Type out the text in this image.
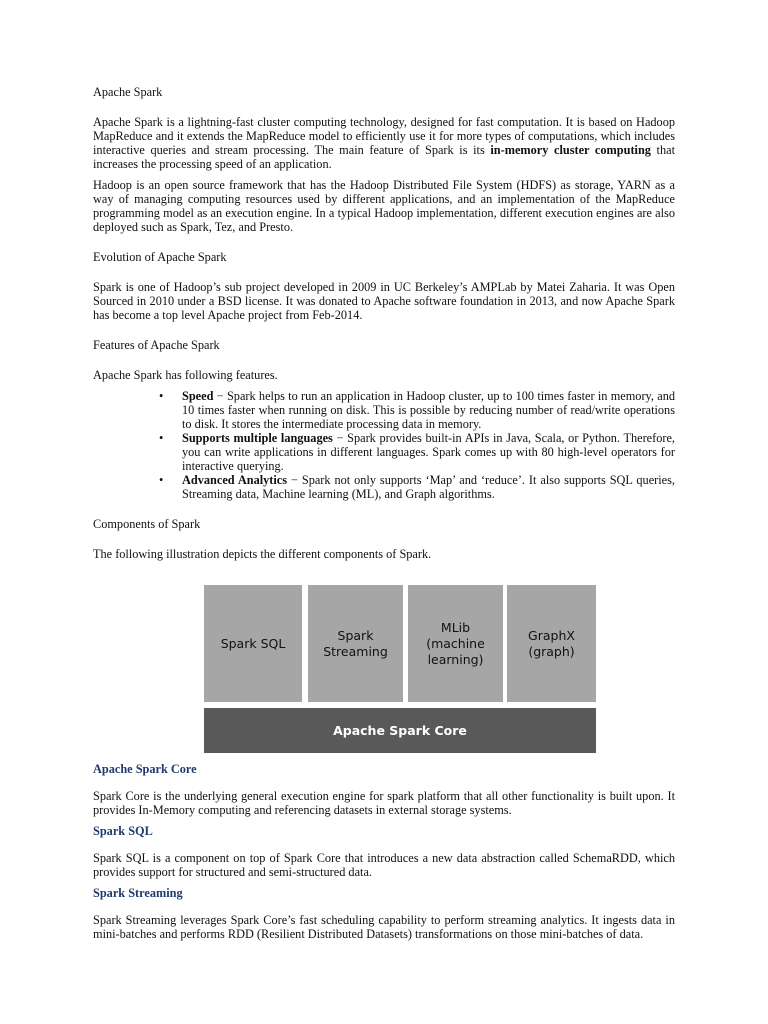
Apache Spark

Apache Spark is a lightning-fast cluster computing technology, designed for fast computation. It is based on Hadoop MapReduce and it extends the MapReduce model to efficiently use it for more types of computations, which includes interactive queries and stream processing. The main feature of Spark is its in-memory cluster computing that increases the processing speed of an application.

Hadoop is an open source framework that has the Hadoop Distributed File System (HDFS) as storage, YARN as a way of managing computing resources used by different applications, and an implementation of the MapReduce programming model as an execution engine. In a typical Hadoop implementation, different execution engines are also deployed such as Spark, Tez, and Presto.

Evolution of Apache Spark

Spark is one of Hadoop’s sub project developed in 2009 in UC Berkeley’s AMPLab by Matei Zaharia. It was Open Sourced in 2010 under a BSD license. It was donated to Apache software foundation in 2013, and now Apache Spark has become a top level Apache project from Feb-2014.

Features of Apache Spark

Apache Spark has following features.

• Speed − Spark helps to run an application in Hadoop cluster, up to 100 times faster in memory, and 10 times faster when running on disk. This is possible by reducing number of read/write operations to disk. It stores the intermediate processing data in memory.
• Supports multiple languages − Spark provides built-in APIs in Java, Scala, or Python. Therefore, you can write applications in different languages. Spark comes up with 80 high-level operators for interactive querying.
• Advanced Analytics − Spark not only supports ‘Map’ and ‘reduce’. It also supports SQL queries, Streaming data, Machine learning (ML), and Graph algorithms.
Components of Spark

The following illustration depicts the different components of Spark.

Apache Spark Core

Spark Core is the underlying general execution engine for spark platform that all other functionality is built upon. It provides In-Memory computing and referencing datasets in external storage systems.

Spark SQL

Spark SQL is a component on top of Spark Core that introduces a new data abstraction called SchemaRDD, which provides support for structured and semi-structured data.

Spark Streaming

Spark Streaming leverages Spark Core’s fast scheduling capability to perform streaming analytics. It ingests data in mini-batches and performs RDD (Resilient Distributed Datasets) transformations on those mini-batches of data.

Spark SQL
Spark
Streaming
MLib
(machine
learning)
GraphX
(graph)
Apache Spark Core
